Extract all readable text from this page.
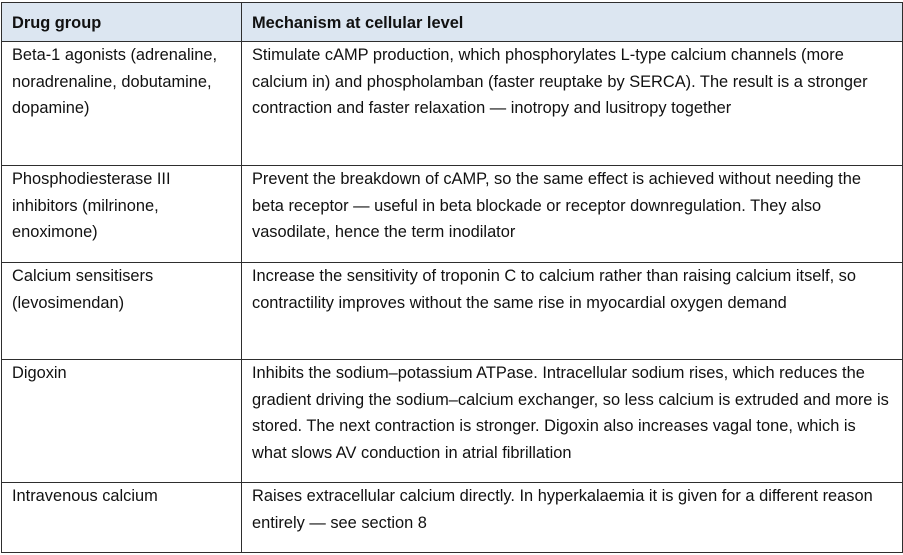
Drug group	Mechanism at cellular level
Beta-1 agonists (adrenaline, noradrenaline, dobutamine, dopamine)	Stimulate cAMP production, which phosphorylates L-type calcium channels (more calcium in) and phospholamban (faster reuptake by SERCA). The result is a stronger contraction and faster relaxation — inotropy and lusitropy together
Phosphodiesterase III inhibitors (milrinone, enoximone)	Prevent the breakdown of cAMP, so the same effect is achieved without needing the beta receptor — useful in beta blockade or receptor downregulation. They also vasodilate, hence the term inodilator
Calcium sensitisers (levosimendan)	Increase the sensitivity of troponin C to calcium rather than raising calcium itself, so contractility improves without the same rise in myocardial oxygen demand
Digoxin	Inhibits the sodium–potassium ATPase. Intracellular sodium rises, which reduces the gradient driving the sodium–calcium exchanger, so less calcium is extruded and more is stored. The next contraction is stronger. Digoxin also increases vagal tone, which is what slows AV conduction in atrial fibrillation
Intravenous calcium	Raises extracellular calcium directly. In hyperkalaemia it is given for a different reason entirely — see section 8
